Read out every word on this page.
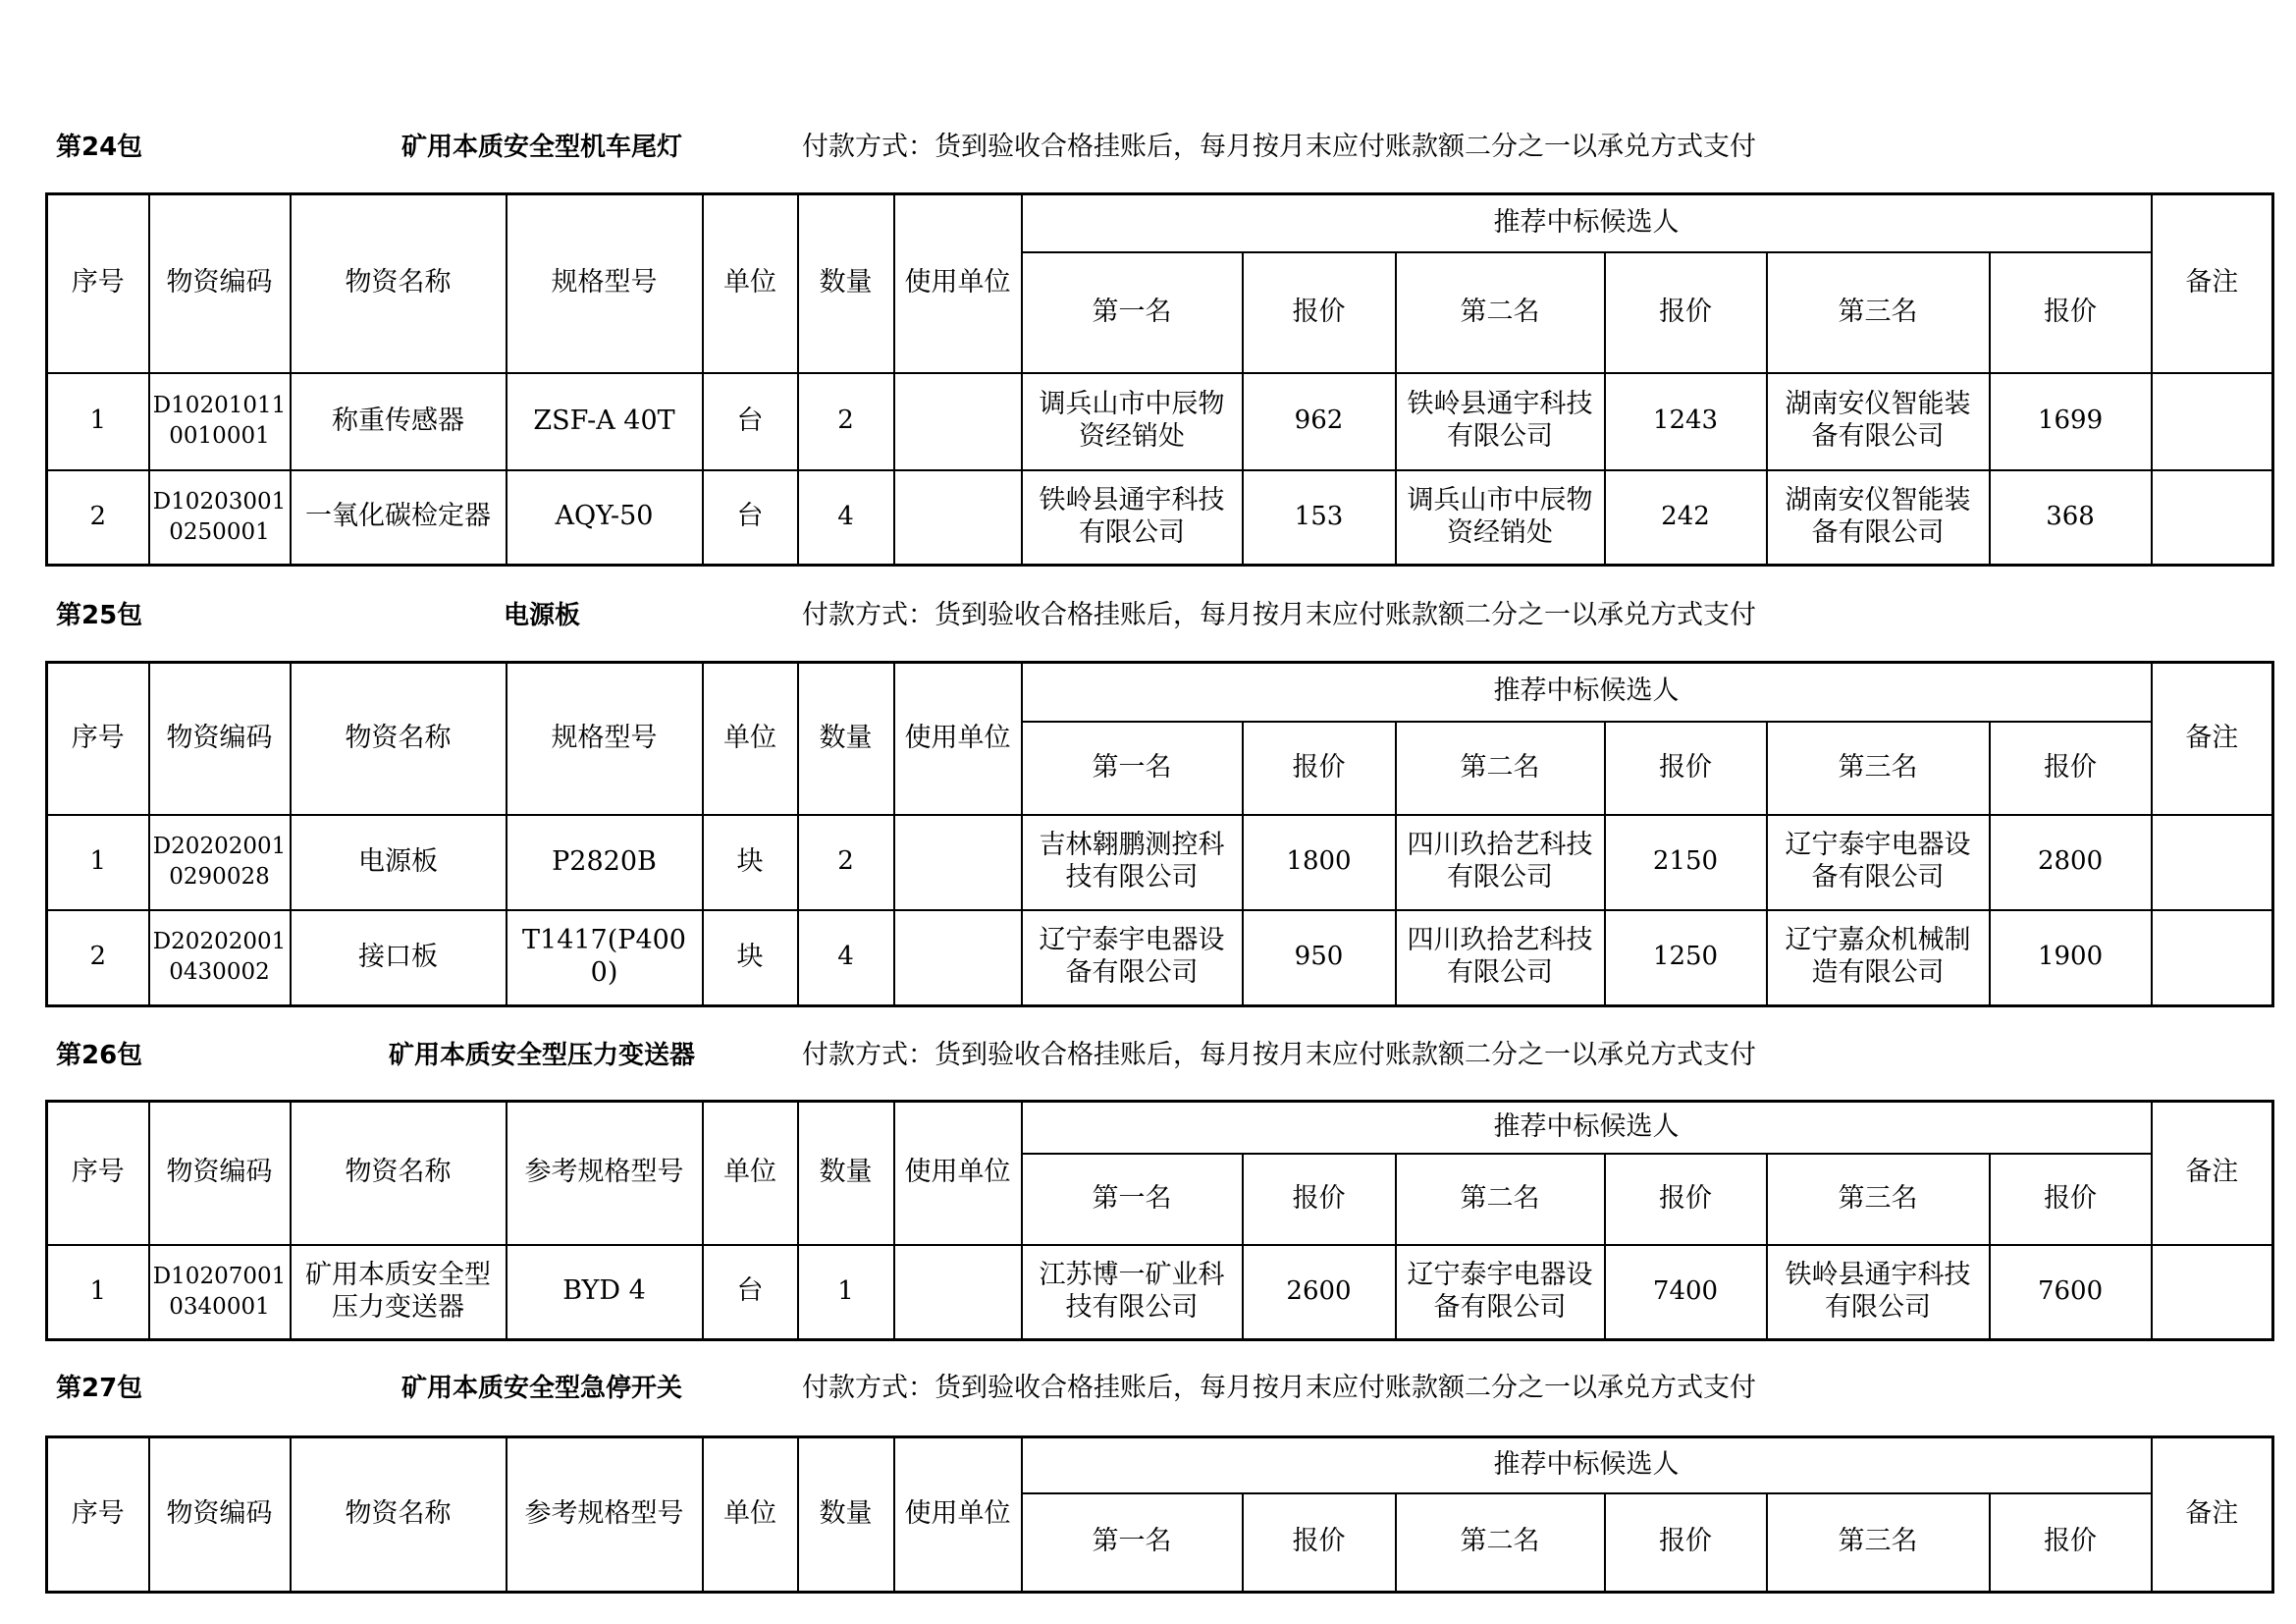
第24包	矿用本质安全型机车尾灯	付款方式：货到验收合格挂账后，每月按月末应付账款额二分之一以承兑方式支付
序号	物资编码	物资名称	规格型号	单位	数量	使用单位	推荐中标候选人						备注
							第一名	报价	第二名	报价	第三名	报价	
1	D102010110010001	称重传感器	ZSF-A 40T	台	2		调兵山市中辰物资经销处	962	铁岭县通宇科技有限公司	1243	湖南安仪智能装备有限公司	1699	
2	D102030010250001	一氧化碳检定器	AQY-50	台	4		铁岭县通宇科技有限公司	153	调兵山市中辰物资经销处	242	湖南安仪智能装备有限公司	368	
第25包	电源板	付款方式：货到验收合格挂账后，每月按月末应付账款额二分之一以承兑方式支付
序号	物资编码	物资名称	规格型号	单位	数量	使用单位	推荐中标候选人						备注
							第一名	报价	第二名	报价	第三名	报价	
1	D202020010290028	电源板	P2820B	块	2		吉林翱鹏测控科技有限公司	1800	四川玖拾艺科技有限公司	2150	辽宁泰宇电器设备有限公司	2800	
2	D202020010430002	接口板	T1417(P4000)	块	4		辽宁泰宇电器设备有限公司	950	四川玖拾艺科技有限公司	1250	辽宁嘉众机械制造有限公司	1900	
第26包	矿用本质安全型压力变送器	付款方式：货到验收合格挂账后，每月按月末应付账款额二分之一以承兑方式支付
序号	物资编码	物资名称	参考规格型号	单位	数量	使用单位	推荐中标候选人						备注
							第一名	报价	第二名	报价	第三名	报价	
1	D102070010340001	矿用本质安全型压力变送器	BYD 4	台	1		江苏博一矿业科技有限公司	2600	辽宁泰宇电器设备有限公司	7400	铁岭县通宇科技有限公司	7600	
第27包	矿用本质安全型急停开关	付款方式：货到验收合格挂账后，每月按月末应付账款额二分之一以承兑方式支付
序号	物资编码	物资名称	参考规格型号	单位	数量	使用单位	推荐中标候选人						备注
							第一名	报价	第二名	报价	第三名	报价	
